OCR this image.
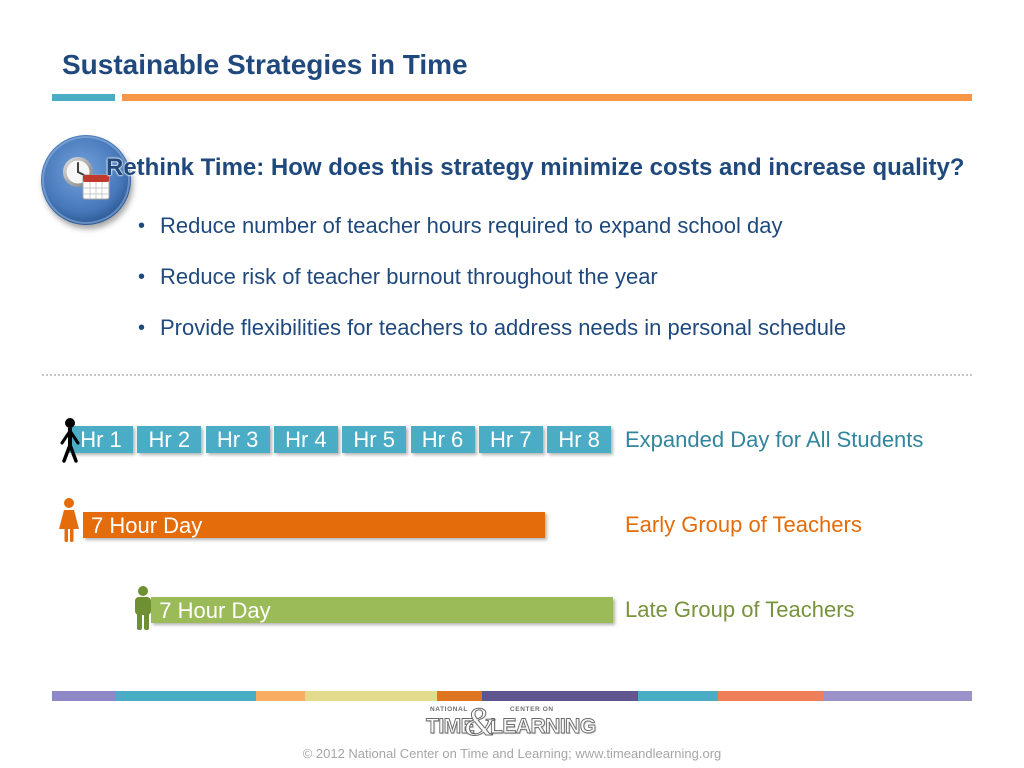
Sustainable Strategies in Time
Rethink Time: How does this strategy minimize costs and increase quality?
•
Reduce number of teacher hours required to expand school day
•
Reduce risk of teacher burnout throughout the year
•
Provide flexibilities for teachers to address needs in personal schedule
Hr 1	Hr 2	Hr 3	Hr 4	Hr 5	Hr 6	Hr 7	Hr 8	Expanded Day for All Students
7 Hour Day	Early Group of Teachers
7 Hour Day	Late Group of Teachers
NATIONAL	CENTER ON
TIME LEARNING
&
© 2012 National Center on Time and Learning; www.timeandlearning.org
